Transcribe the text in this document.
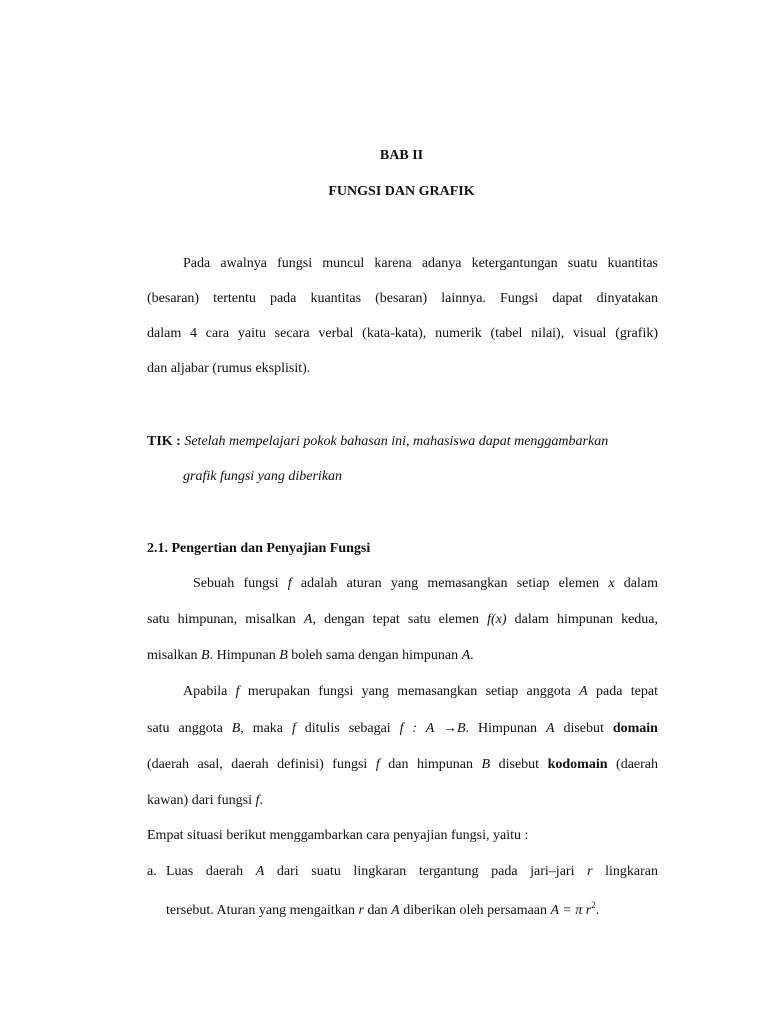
BAB II
FUNGSI DAN GRAFIK
Pada awalnya fungsi muncul karena adanya ketergantungan suatu kuantitas
(besaran) tertentu pada kuantitas (besaran) lainnya. Fungsi dapat dinyatakan
dalam 4 cara yaitu secara verbal (kata-kata), numerik (tabel nilai), visual (grafik)
dan aljabar (rumus eksplisit).
TIK : Setelah mempelajari pokok bahasan ini, mahasiswa dapat menggambarkan
grafik fungsi yang diberikan
2.1. Pengertian dan Penyajian Fungsi
Sebuah fungsi f adalah aturan yang memasangkan setiap elemen x dalam
satu himpunan, misalkan A, dengan tepat satu elemen f(x) dalam himpunan kedua,
misalkan B. Himpunan B boleh sama dengan himpunan A.
Apabila f merupakan fungsi yang memasangkan setiap anggota A pada tepat
satu anggota B, maka f ditulis sebagai f : A →B. Himpunan A disebut domain
(daerah asal, daerah definisi) fungsi f dan himpunan B disebut kodomain (daerah
kawan) dari fungsi f.
Empat situasi berikut menggambarkan cara penyajian fungsi, yaitu :
a. Luas daerah A dari suatu lingkaran tergantung pada jari–jari r lingkaran
tersebut. Aturan yang mengaitkan r dan A diberikan oleh persamaan A = π $r^2$.
